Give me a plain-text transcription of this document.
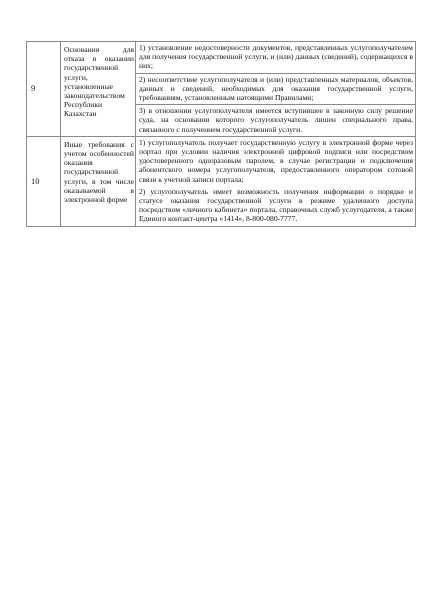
9	Основания для отказа в оказании государственной услуги, установленные законодательством Республики Казахстан	1) установление недостоверности документов, представленных услугополучателем для получения государственной услуги, и (или) данных (сведений), содержащихся в них;
2) несоответствие услугополучателя и (или) представленных материалов, объектов, данных и сведений, необходимых для оказания государственной услуги, требованиям, установленным натоящими Правилами;
3) в отношении услугополучателя имеется вступившее в законную силу решение суда, на основании которого услугополучатель лишен специального права, связанного с получением государственной услуги.

10	Иные требования с учетом особенностей оказания государственной услуги, в том числе оказываемой в электронной форме	1) услугополучатель получает государственную услугу в электронной форме через портал при условии наличия электронной цифровой подписи или посредством удостоверенного одноразовым паролем, в случае регистрации и подключения абонентского номера услугополучателя, предоставленного оператором сотовой связи к учетной записи портала;
2) услугополучатель имеет возможность получения информации о порядке и статусе оказания государственной услуги в режиме удаленного доступа посредством «личного кабинета» портала, справочных служб услугодателя, а также Единого контакт-центра «1414», 8-800-080-7777.
